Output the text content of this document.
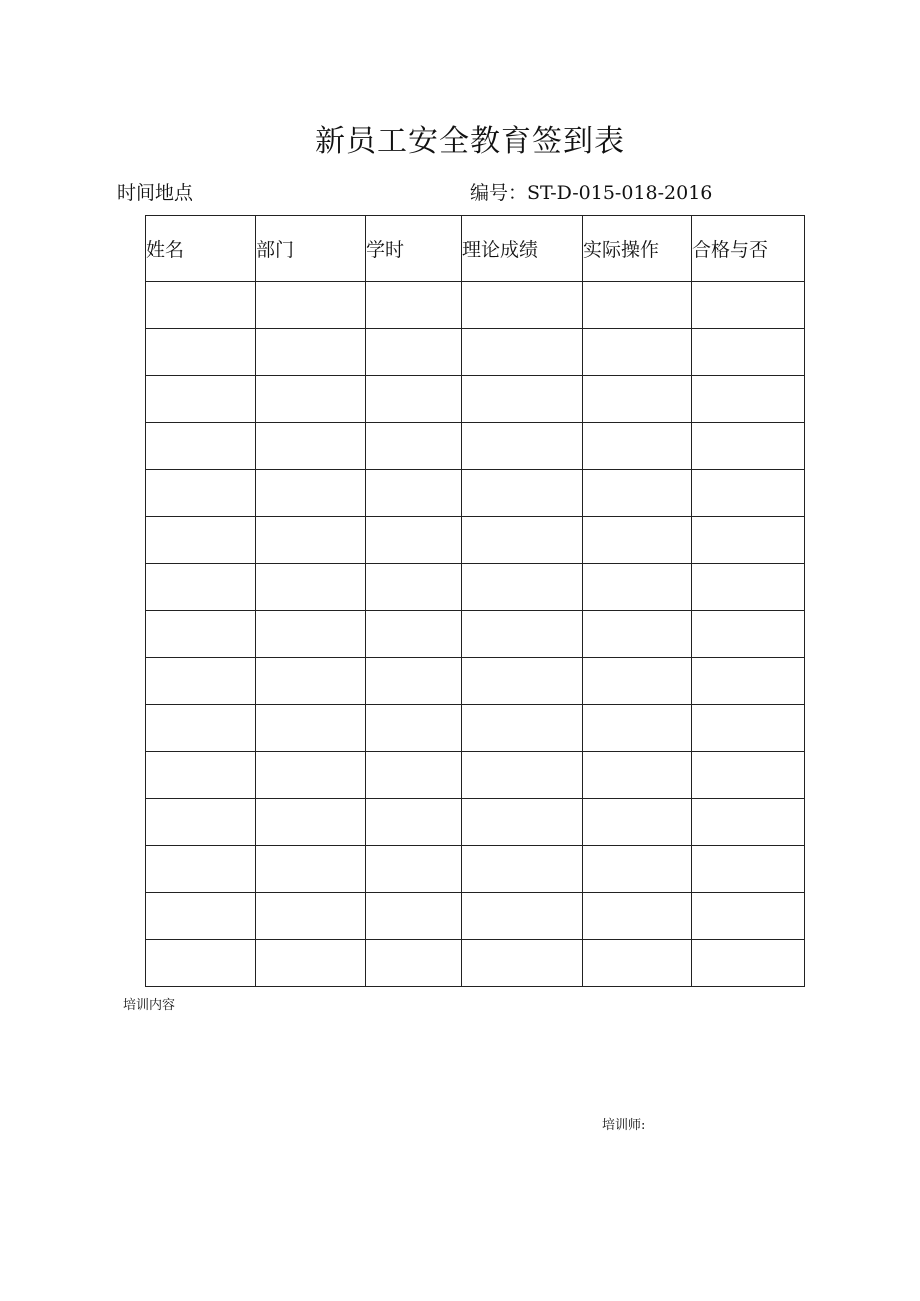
新员工安全教育签到表
时间地点	编号：ST-D-015-018-2016
姓名	部门	学时	理论成绩	实际操作	合格与否

培训内容
培训师:
